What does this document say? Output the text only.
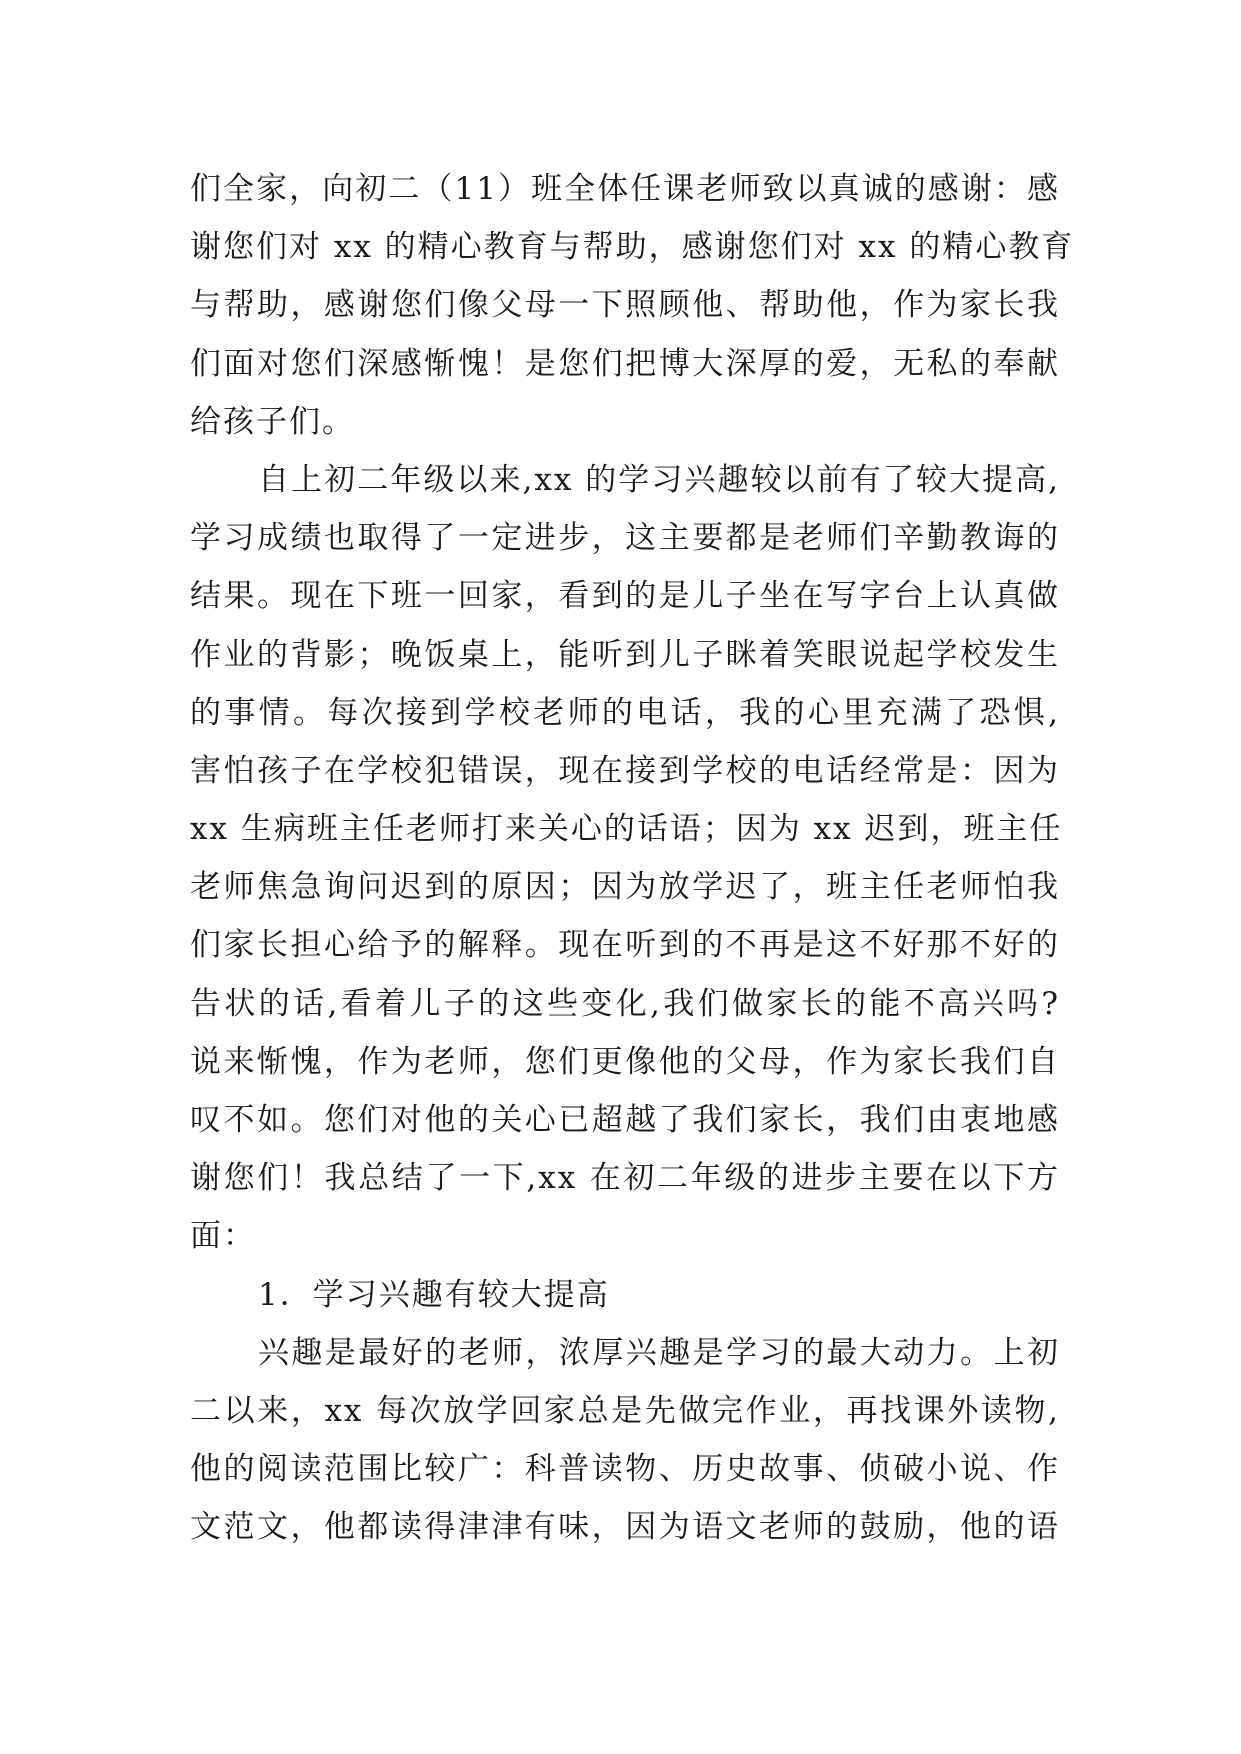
们全家，向初二（11）班全体任课老师致以真诚的感谢：感
谢您们对 xx 的精心教育与帮助，感谢您们对 xx 的精心教育
与帮助，感谢您们像父母一下照顾他、帮助他，作为家长我
们面对您们深感惭愧！是您们把博大深厚的爱，无私的奉献
给孩子们。
自上初二年级以来,xx 的学习兴趣较以前有了较大提高,
学习成绩也取得了一定进步，这主要都是老师们辛勤教诲的
结果。现在下班一回家，看到的是儿子坐在写字台上认真做
作业的背影；晚饭桌上，能听到儿子眯着笑眼说起学校发生
的事情。每次接到学校老师的电话，我的心里充满了恐惧,
害怕孩子在学校犯错误，现在接到学校的电话经常是：因为
xx 生病班主任老师打来关心的话语；因为 xx 迟到，班主任
老师焦急询问迟到的原因；因为放学迟了，班主任老师怕我
们家长担心给予的解释。现在听到的不再是这不好那不好的
告状的话,看着儿子的这些变化,我们做家长的能不高兴吗?
说来惭愧，作为老师，您们更像他的父母，作为家长我们自
叹不如。您们对他的关心已超越了我们家长，我们由衷地感
谢您们！我总结了一下,xx 在初二年级的进步主要在以下方
面：
1．学习兴趣有较大提高
兴趣是最好的老师，浓厚兴趣是学习的最大动力。上初
二以来，xx 每次放学回家总是先做完作业，再找课外读物,
他的阅读范围比较广：科普读物、历史故事、侦破小说、作
文范文，他都读得津津有味，因为语文老师的鼓励，他的语
